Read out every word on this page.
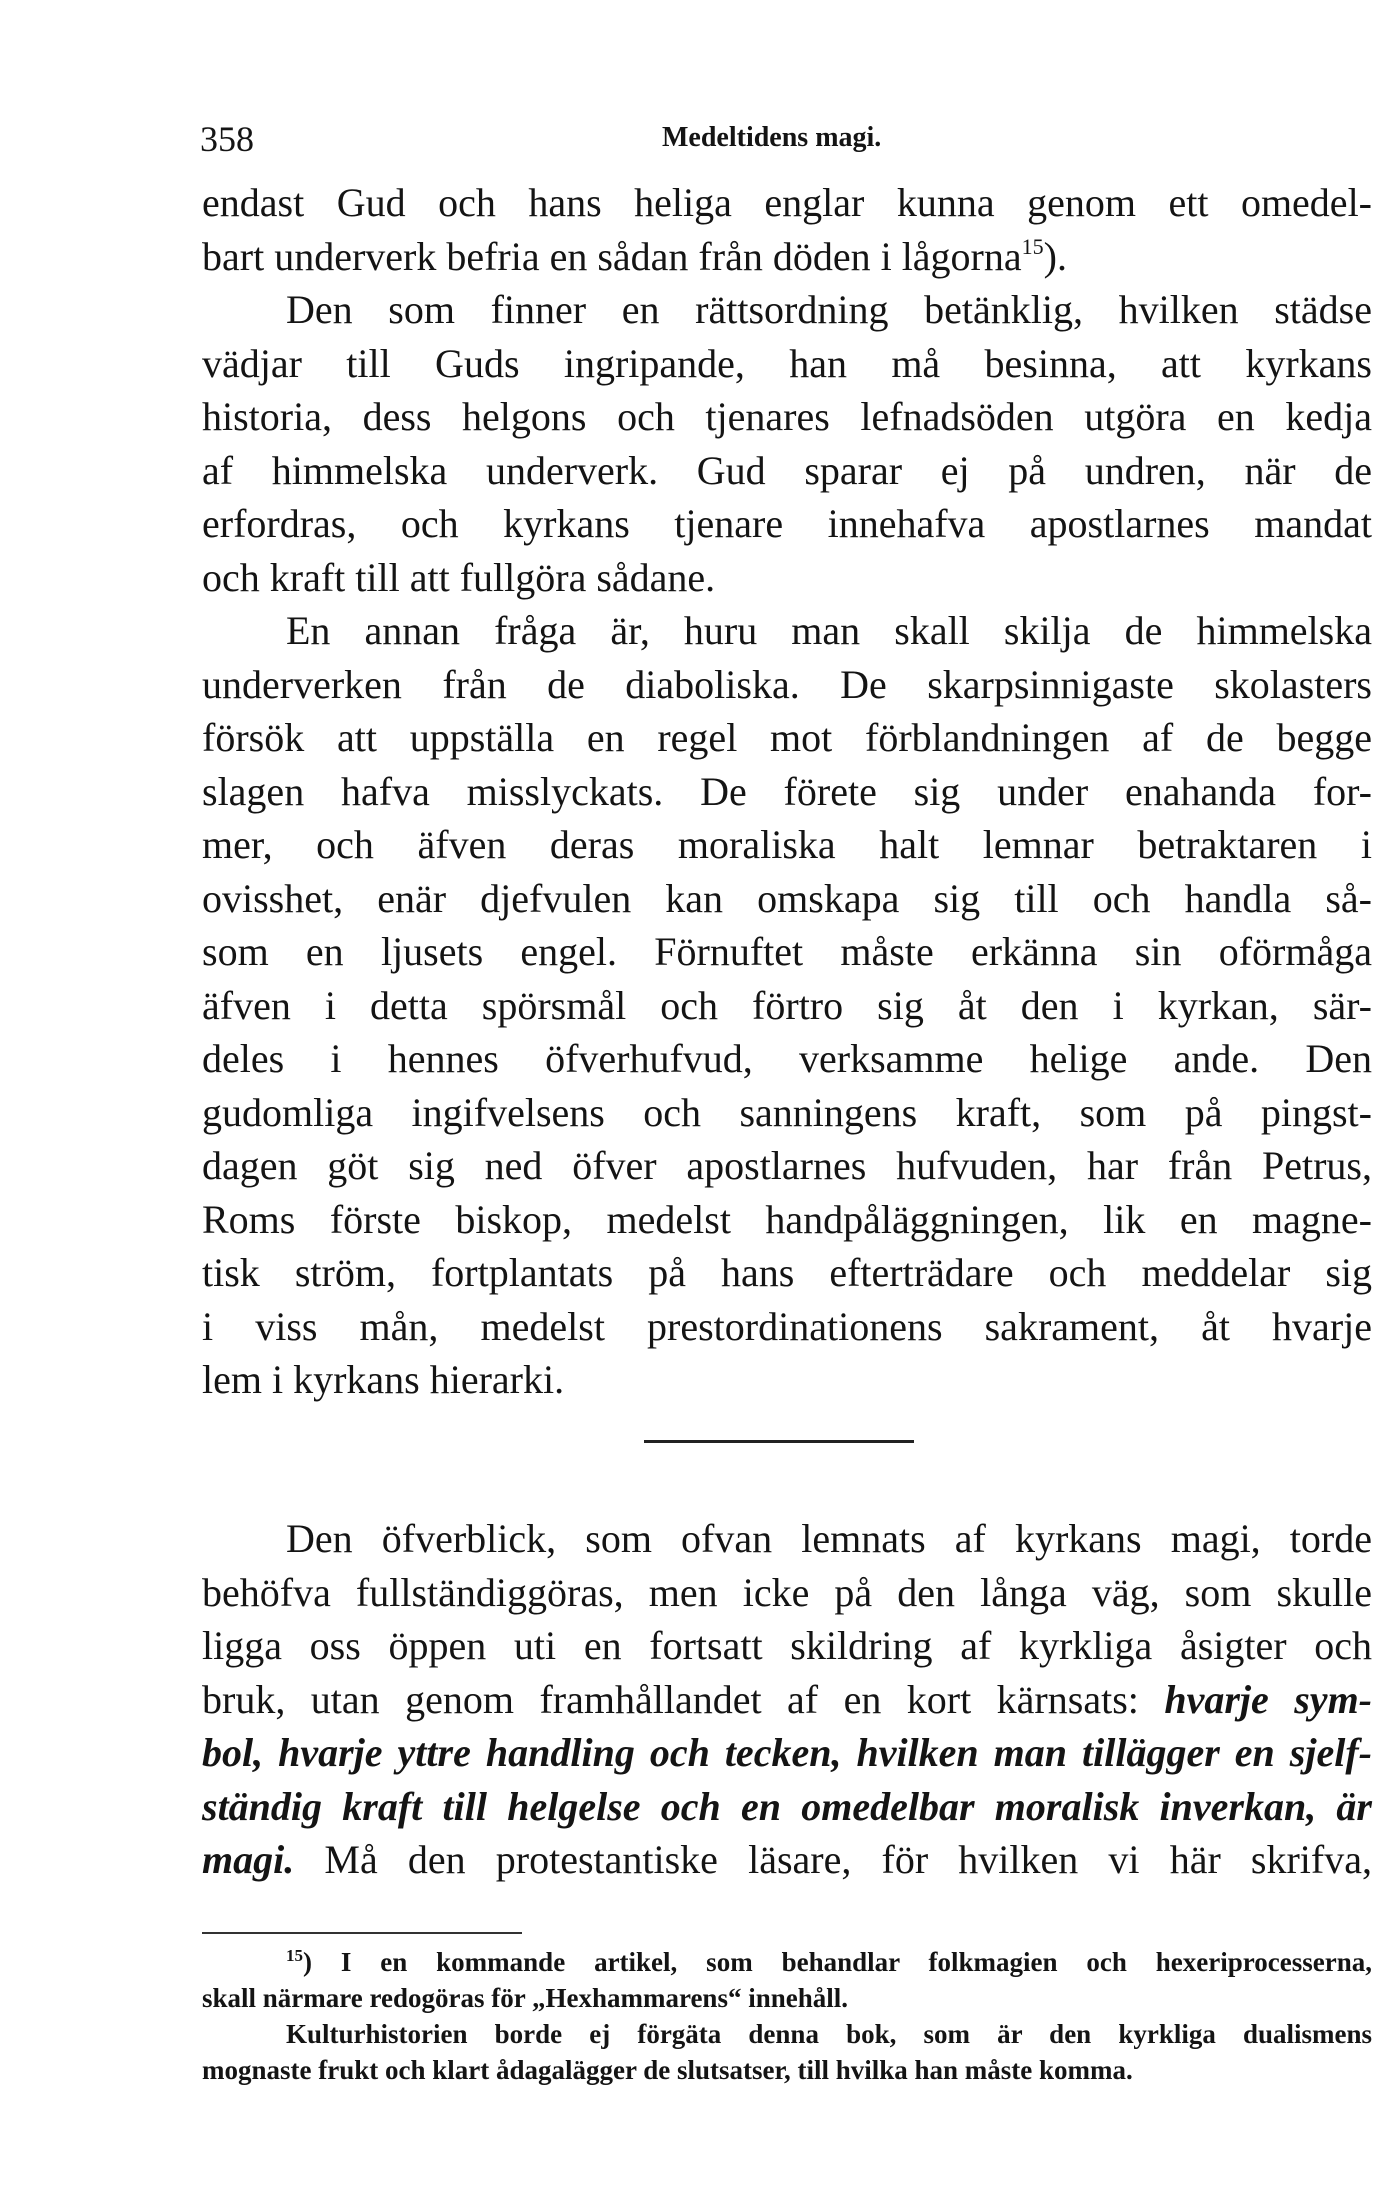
358	Medeltidens magi.
endast Gud och hans heliga englar kunna genom ett omedel-
bart underverk befria en sådan från döden i lågorna$^{15}$).
Den som finner en rättsordning betänklig, hvilken städse
vädjar till Guds ingripande, han må besinna, att kyrkans
historia, dess helgons och tjenares lefnadsöden utgöra en kedja
af himmelska underverk. Gud sparar ej på undren, när de
erfordras, och kyrkans tjenare innehafva apostlarnes mandat
och kraft till att fullgöra sådane.
En annan fråga är, huru man skall skilja de himmelska
underverken från de diaboliska. De skarpsinnigaste skolasters
försök att uppställa en regel mot förblandningen af de begge
slagen hafva misslyckats. De förete sig under enahanda for-
mer, och äfven deras moraliska halt lemnar betraktaren i
ovisshet, enär djefvulen kan omskapa sig till och handla så-
som en ljusets engel. Förnuftet måste erkänna sin oförmåga
äfven i detta spörsmål och förtro sig åt den i kyrkan, sär-
deles i hennes öfverhufvud, verksamme helige ande. Den
gudomliga ingifvelsens och sanningens kraft, som på pingst-
dagen göt sig ned öfver apostlarnes hufvuden, har från Petrus,
Roms förste biskop, medelst handpåläggningen, lik en magne-
tisk ström, fortplantats på hans efterträdare och meddelar sig
i viss mån, medelst prestordinationens sakrament, åt hvarje
lem i kyrkans hierarki.
Den öfverblick, som ofvan lemnats af kyrkans magi, torde
behöfva fullständiggöras, men icke på den långa väg, som skulle
ligga oss öppen uti en fortsatt skildring af kyrkliga åsigter och
bruk, utan genom framhållandet af en kort kärnsats: hvarje sym-
bol, hvarje yttre handling och tecken, hvilken man tillägger en sjelf-
ständig kraft till helgelse och en omedelbar moralisk inverkan, är
magi. Må den protestantiske läsare, för hvilken vi här skrifva,
$^{15}$) I en kommande artikel, som behandlar folkmagien och hexeriprocesserna,
skall närmare redogöras för „Hexhammarens“ innehåll.
Kulturhistorien borde ej förgäta denna bok, som är den kyrkliga dualismens
mognaste frukt och klart ådagalägger de slutsatser, till hvilka han måste komma.
